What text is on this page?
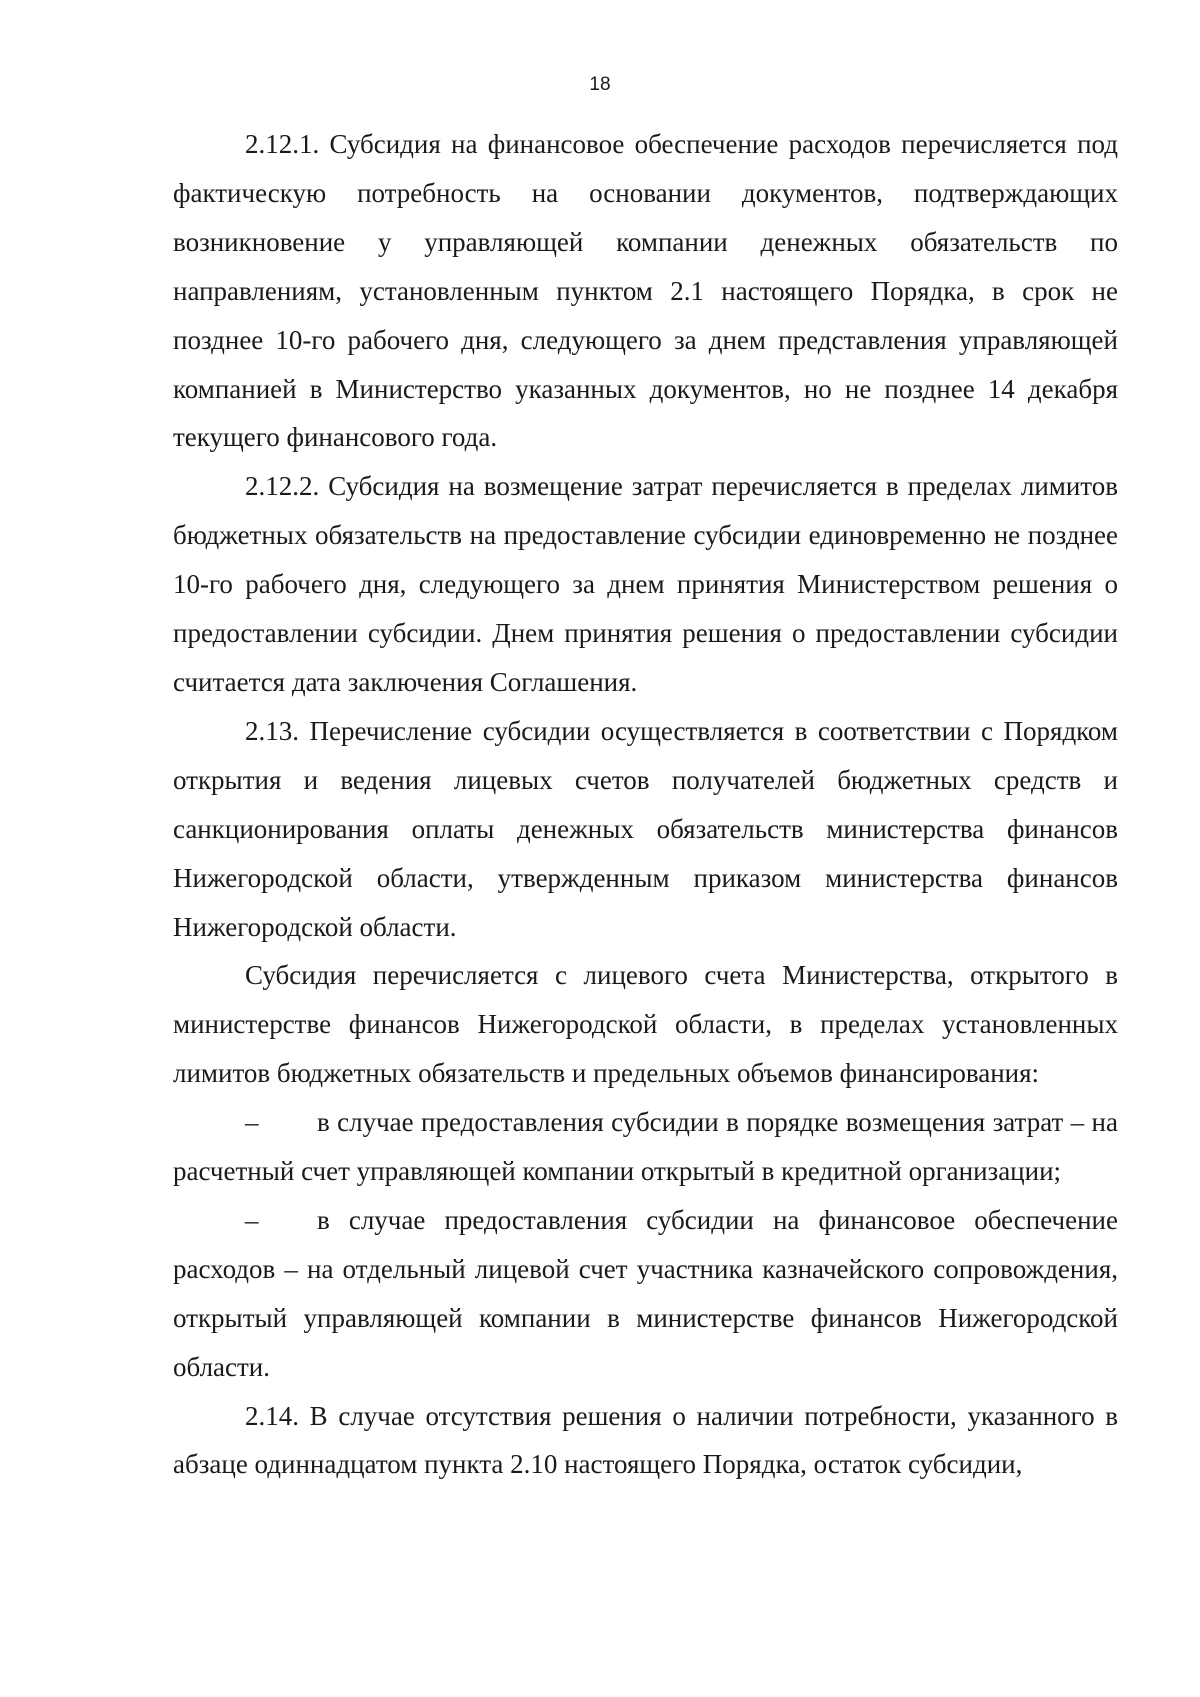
18

2.12.1. Субсидия на финансовое обеспечение расходов перечисляется под фактическую потребность на основании документов, подтверждающих возникновение у управляющей компании денежных обязательств по направлениям, установленным пунктом 2.1 настоящего Порядка, в срок не позднее 10-го рабочего дня, следующего за днем представления управляющей компанией в Министерство указанных документов, но не позднее 14 декабря текущего финансового года.

2.12.2. Субсидия на возмещение затрат перечисляется в пределах лимитов бюджетных обязательств на предоставление субсидии единовременно не позднее 10-го рабочего дня, следующего за днем принятия Министерством решения о предоставлении субсидии. Днем принятия решения о предоставлении субсидии считается дата заключения Соглашения.

2.13. Перечисление субсидии осуществляется в соответствии с Порядком открытия и ведения лицевых счетов получателей бюджетных средств и санкционирования оплаты денежных обязательств министерства финансов Нижегородской области, утвержденным приказом министерства финансов Нижегородской области.

Субсидия перечисляется с лицевого счета Министерства, открытого в министерстве финансов Нижегородской области, в пределах установленных лимитов бюджетных обязательств и предельных объемов финансирования:

– в случае предоставления субсидии в порядке возмещения затрат – на расчетный счет управляющей компании открытый в кредитной организации;

– в случае предоставления субсидии на финансовое обеспечение расходов – на отдельный лицевой счет участника казначейского сопровождения, открытый управляющей компании в министерстве финансов Нижегородской области.

2.14. В случае отсутствия решения о наличии потребности, указанного в абзаце одиннадцатом пункта 2.10 настоящего Порядка, остаток субсидии,
